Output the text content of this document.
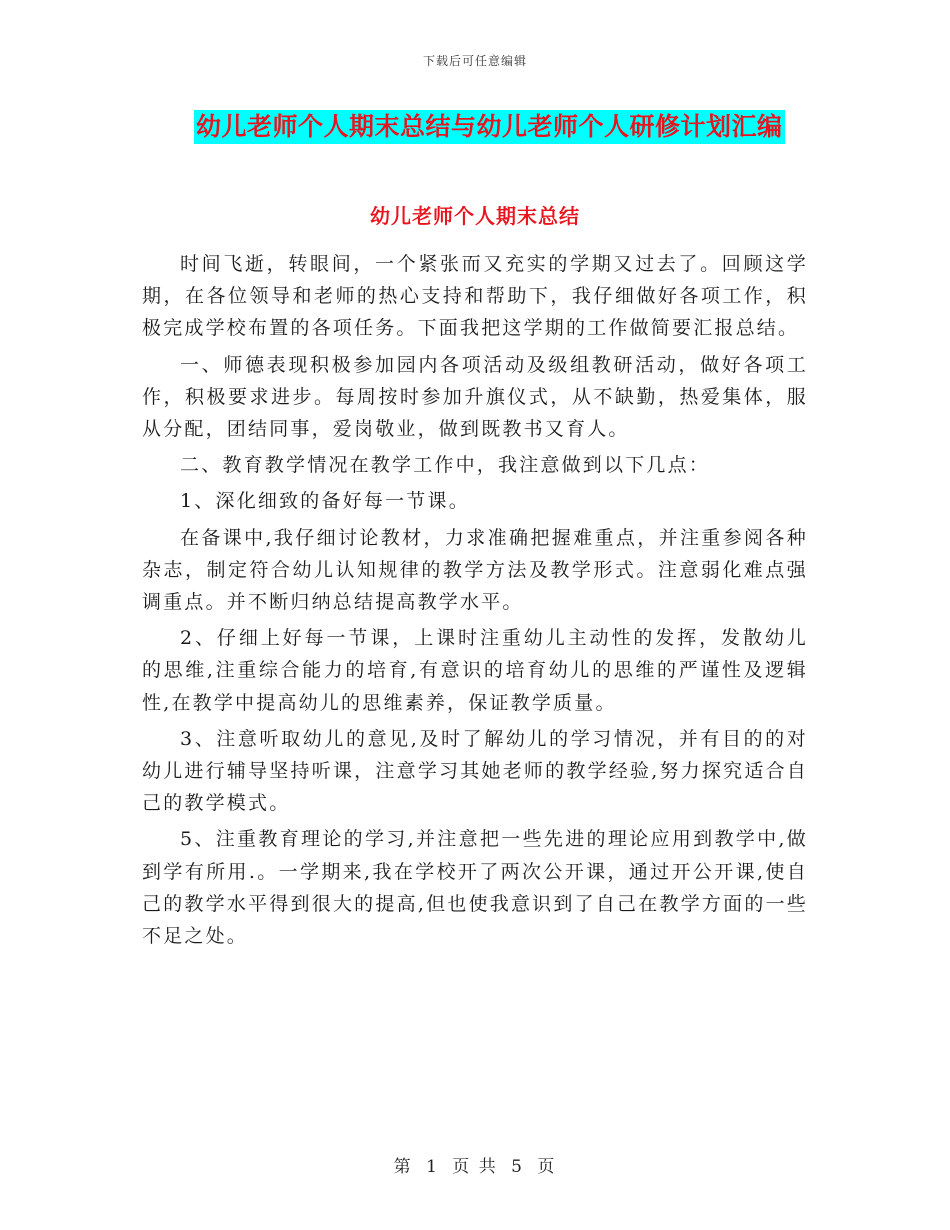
下载后可任意编辑
幼儿老师个人期末总结与幼儿老师个人研修计划汇编
幼儿老师个人期末总结

时间飞逝，转眼间，一个紧张而又充实的学期又过去了。回顾这学期，在各位领导和老师的热心支持和帮助下，我仔细做好各项工作，积极完成学校布置的各项任务。下面我把这学期的工作做简要汇报总结。

一、师德表现积极参加园内各项活动及级组教研活动，做好各项工作，积极要求进步。每周按时参加升旗仪式，从不缺勤，热爱集体，服从分配，团结同事，爱岗敬业，做到既教书又育人。

二、教育教学情况在教学工作中，我注意做到以下几点：

1、深化细致的备好每一节课。

在备课中,我仔细讨论教材，力求准确把握难重点，并注重参阅各种杂志，制定符合幼儿认知规律的教学方法及教学形式。注意弱化难点强调重点。并不断归纳总结提高教学水平。

2、仔细上好每一节课，上课时注重幼儿主动性的发挥，发散幼儿的思维,注重综合能力的培育,有意识的培育幼儿的思维的严谨性及逻辑性,在教学中提高幼儿的思维素养，保证教学质量。

3、注意听取幼儿的意见,及时了解幼儿的学习情况，并有目的的对幼儿进行辅导坚持听课，注意学习其她老师的教学经验,努力探究适合自己的教学模式。

5、注重教育理论的学习,并注意把一些先进的理论应用到教学中,做到学有所用.。一学期来,我在学校开了两次公开课，通过开公开课,使自己的教学水平得到很大的提高,但也使我意识到了自己在教学方面的一些不足之处。

第 1 页 共 5 页
